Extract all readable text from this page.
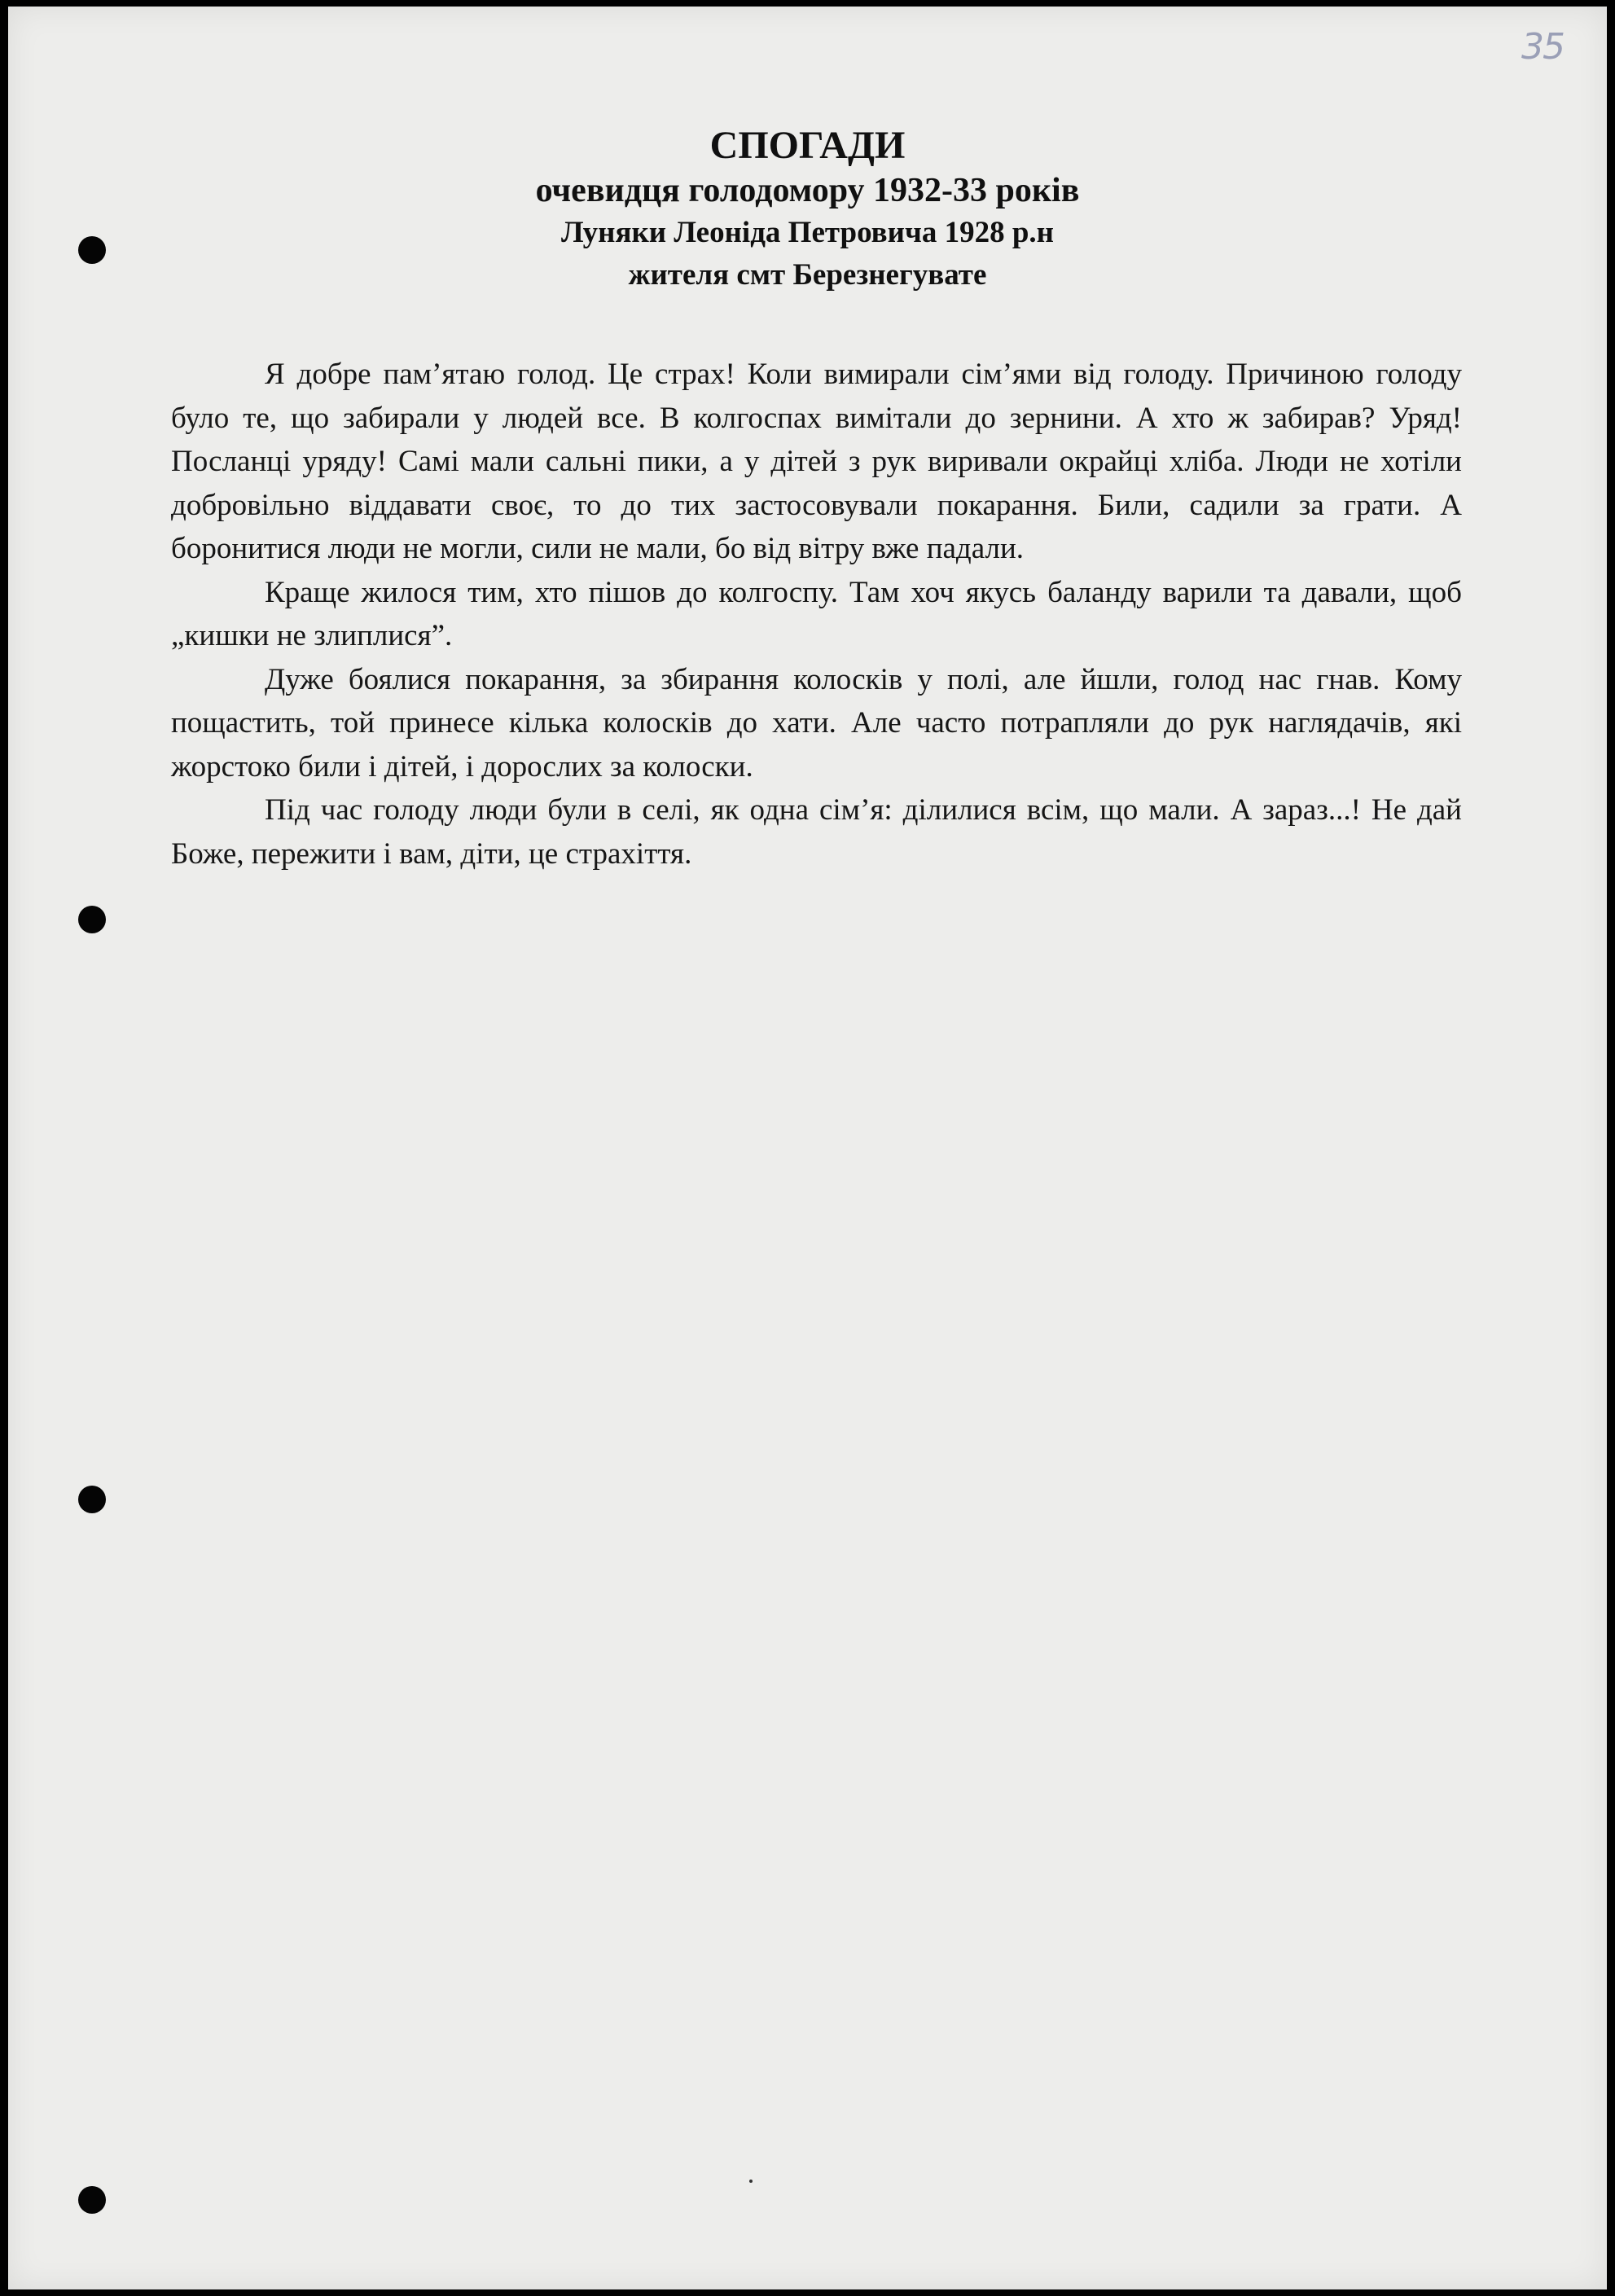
35

СПОГАДИ

очевидця голодомору 1932-33 років

Луняки Леоніда Петровича 1928 р.н

жителя смт Березнегувате

Я добре пам’ятаю голод. Це страх! Коли вимирали сім’ями від голоду. Причиною голоду було те, що забирали у людей все. В колгоспах вимітали до зернини. А хто ж забирав? Уряд! Посланці уряду! Самі мали сальні пики, а у дітей з рук виривали окрайці хліба. Люди не хотіли добровільно віддавати своє, то до тих застосовували покарання. Били, садили за грати. А боронитися люди не могли, сили не мали, бо від вітру вже падали.

Краще жилося тим, хто пішов до колгоспу. Там хоч якусь баланду варили та давали, щоб „кишки не злиплися”.

Дуже боялися покарання, за збирання колосків у полі, але йшли, голод нас гнав. Кому пощастить, той принесе кілька колосків до хати. Але часто потрапляли до рук наглядачів, які жорстоко били і дітей, і дорослих за колоски.

Під час голоду люди були в селі, як одна сім’я: ділилися всім, що мали. А зараз...! Не дай Боже, пережити і вам, діти, це страхіття.
